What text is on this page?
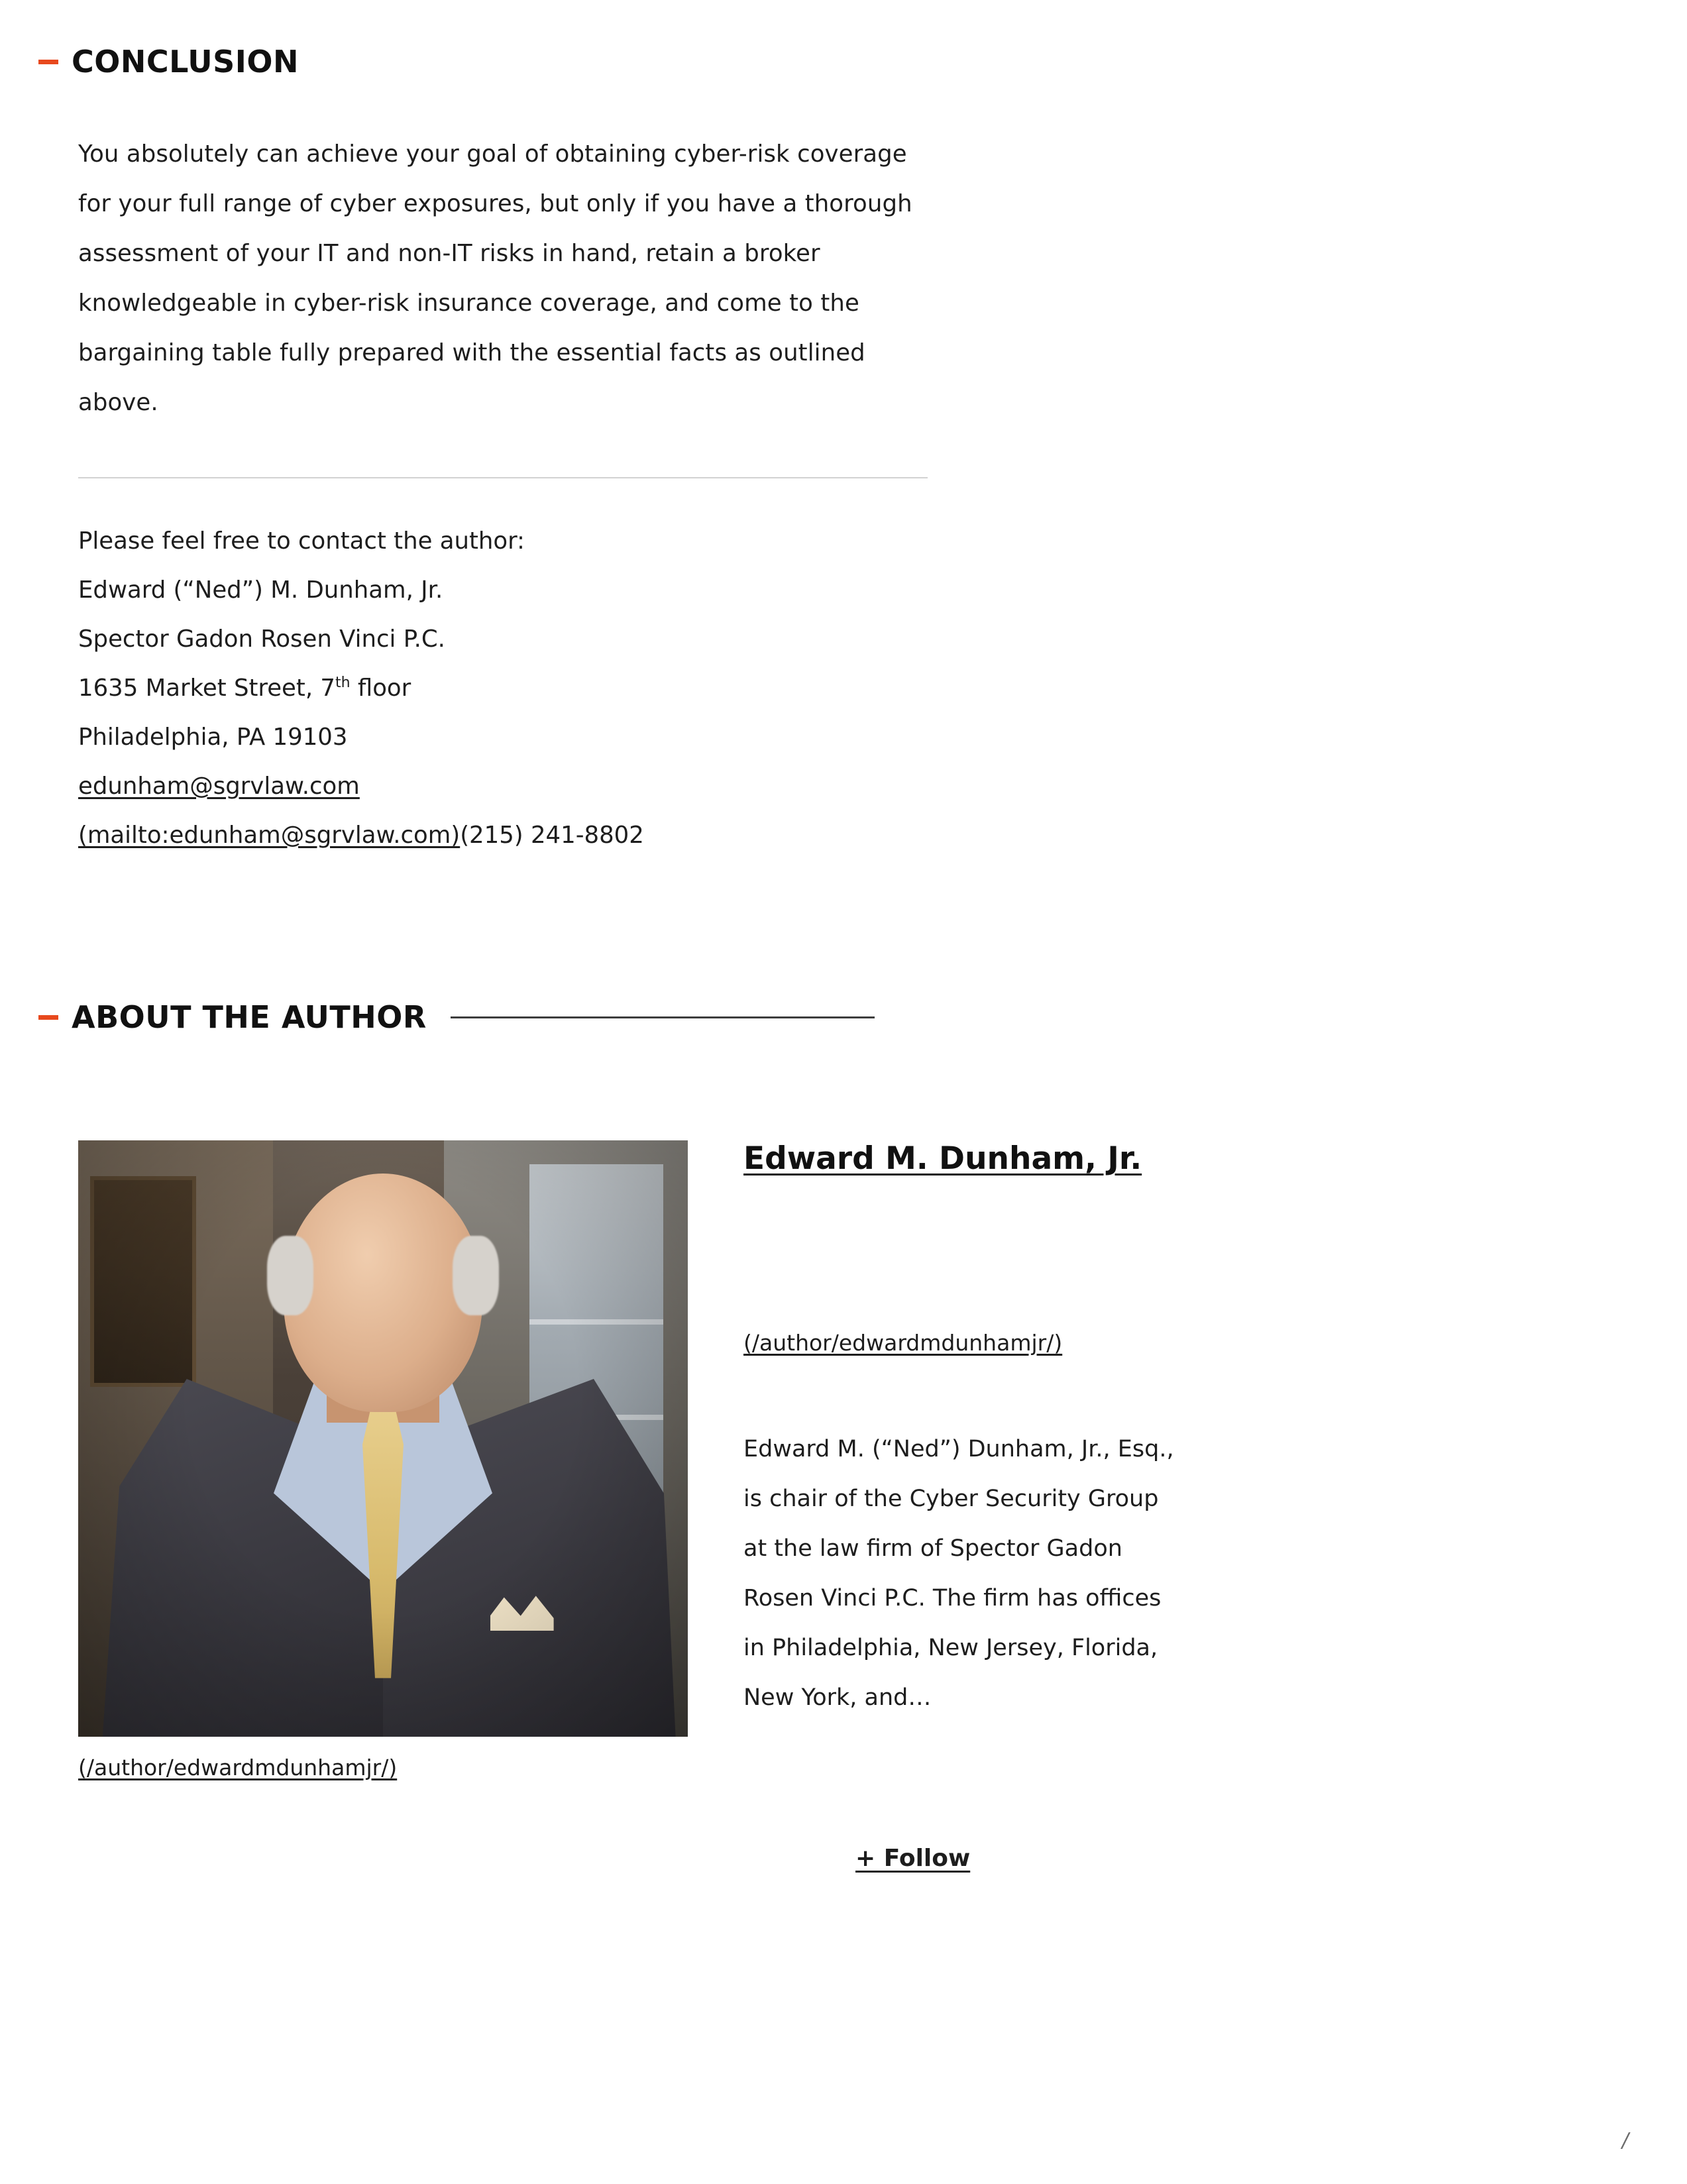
CONCLUSION
You absolutely can achieve your goal of obtaining cyber-risk coverage for your full range of cyber exposures, but only if you have a thorough assessment of your IT and non-IT risks in hand, retain a broker knowledgeable in cyber-risk insurance coverage, and come to the bargaining table fully prepared with the essential facts as outlined above.
Please feel free to contact the author:
Edward (“Ned”) M. Dunham, Jr.
Spector Gadon Rosen Vinci P.C.
1635 Market Street, 7th floor
Philadelphia, PA 19103
edunham@sgrvlaw.com
(mailto:edunham@sgrvlaw.com)(215) 241-8802
ABOUT THE AUTHOR
(/author/edwardmdunhamjr/)
Edward M. Dunham, Jr.
(/author/edwardmdunhamjr/)
Edward M. (“Ned”) Dunham, Jr., Esq., is chair of the Cyber Security Group at the law firm of Spector Gadon Rosen Vinci P.C. The firm has offices in Philadelphia, New Jersey, Florida, New York, and…
+ Follow
/
